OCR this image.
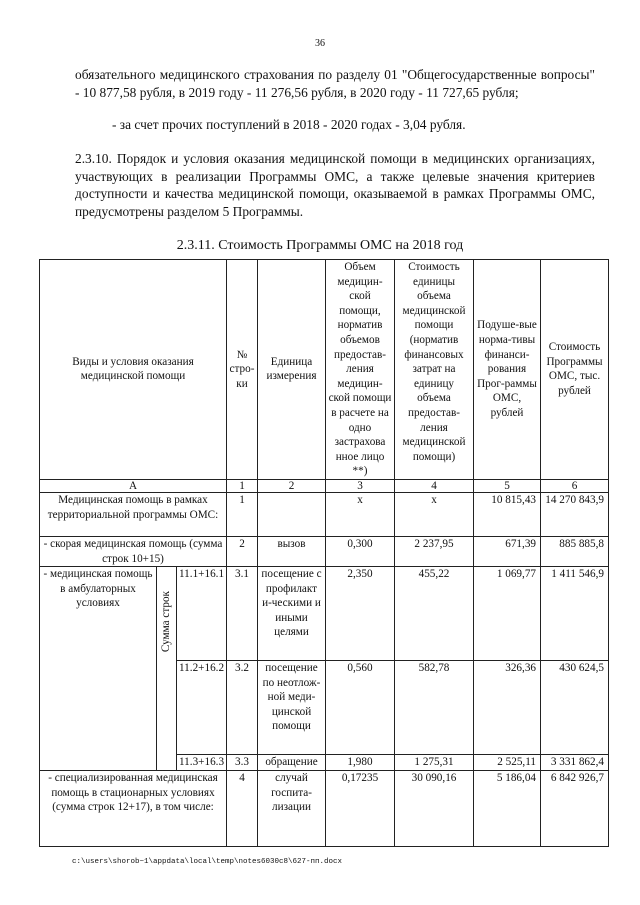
36
обязательного медицинского страхования по разделу 01 "Общегосударственные вопросы" - 10 877,58 рубля, в 2019 году - 11 276,56 рубля, в 2020 году - 11 727,65 рубля;
- за счет прочих поступлений в 2018 - 2020 годах - 3,04 рубля.
2.3.10. Порядок и условия оказания медицинской помощи в медицинских организациях, участвующих в реализации Программы ОМС, а также целевые значения критериев доступности и качества медицинской помощи, оказываемой в рамках Программы ОМС, предусмотрены разделом 5 Программы.
2.3.11. Стоимость Программы ОМС на 2018 год
Виды и условия оказания медицинской помощи			№ стро-ки	Единица измерения	Объем медицин-ской помощи, норматив объемов предостав-ления медицин-ской помощи в расчете на одно застрахова нное лицо **)	Стоимость единицы объема медицинской помощи (норматив финансовых затрат на единицу объема предостав-ления медицинской помощи)	Подуше-вые норма-тивы финанси-рования Прог-раммы ОМС, рублей	Стоимость Программы ОМС, тыс. рублей
А			1	2	3	4	5	6
Медицинская помощь в рамках территориальной программы ОМС:			1		х	х	10 815,43	14 270 843,9
- скорая медицинская помощь (сумма строк 10+15)			2	вызов	0,300	2 237,95	671,39	885 885,8
- медицинская помощь в амбулаторных условиях	Сумма строк	11.1+16.1	3.1	посещение с профилакт и-ческими и иными целями	2,350	455,22	1 069,77	1 411 546,9
		11.2+16.2	3.2	посещение по неотлож-ной меди-цинской помощи	0,560	582,78	326,36	430 624,5
		11.3+16.3	3.3	обращение	1,980	1 275,31	2 525,11	3 331 862,4
- специализированная медицинская помощь в стационарных условиях (сумма строк 12+17), в том числе:			4	случай госпита-лизации	0,17235	30 090,16	5 186,04	6 842 926,7
c:\users\shorob~1\appdata\local\temp\notes6030c8\627-пп.docx
